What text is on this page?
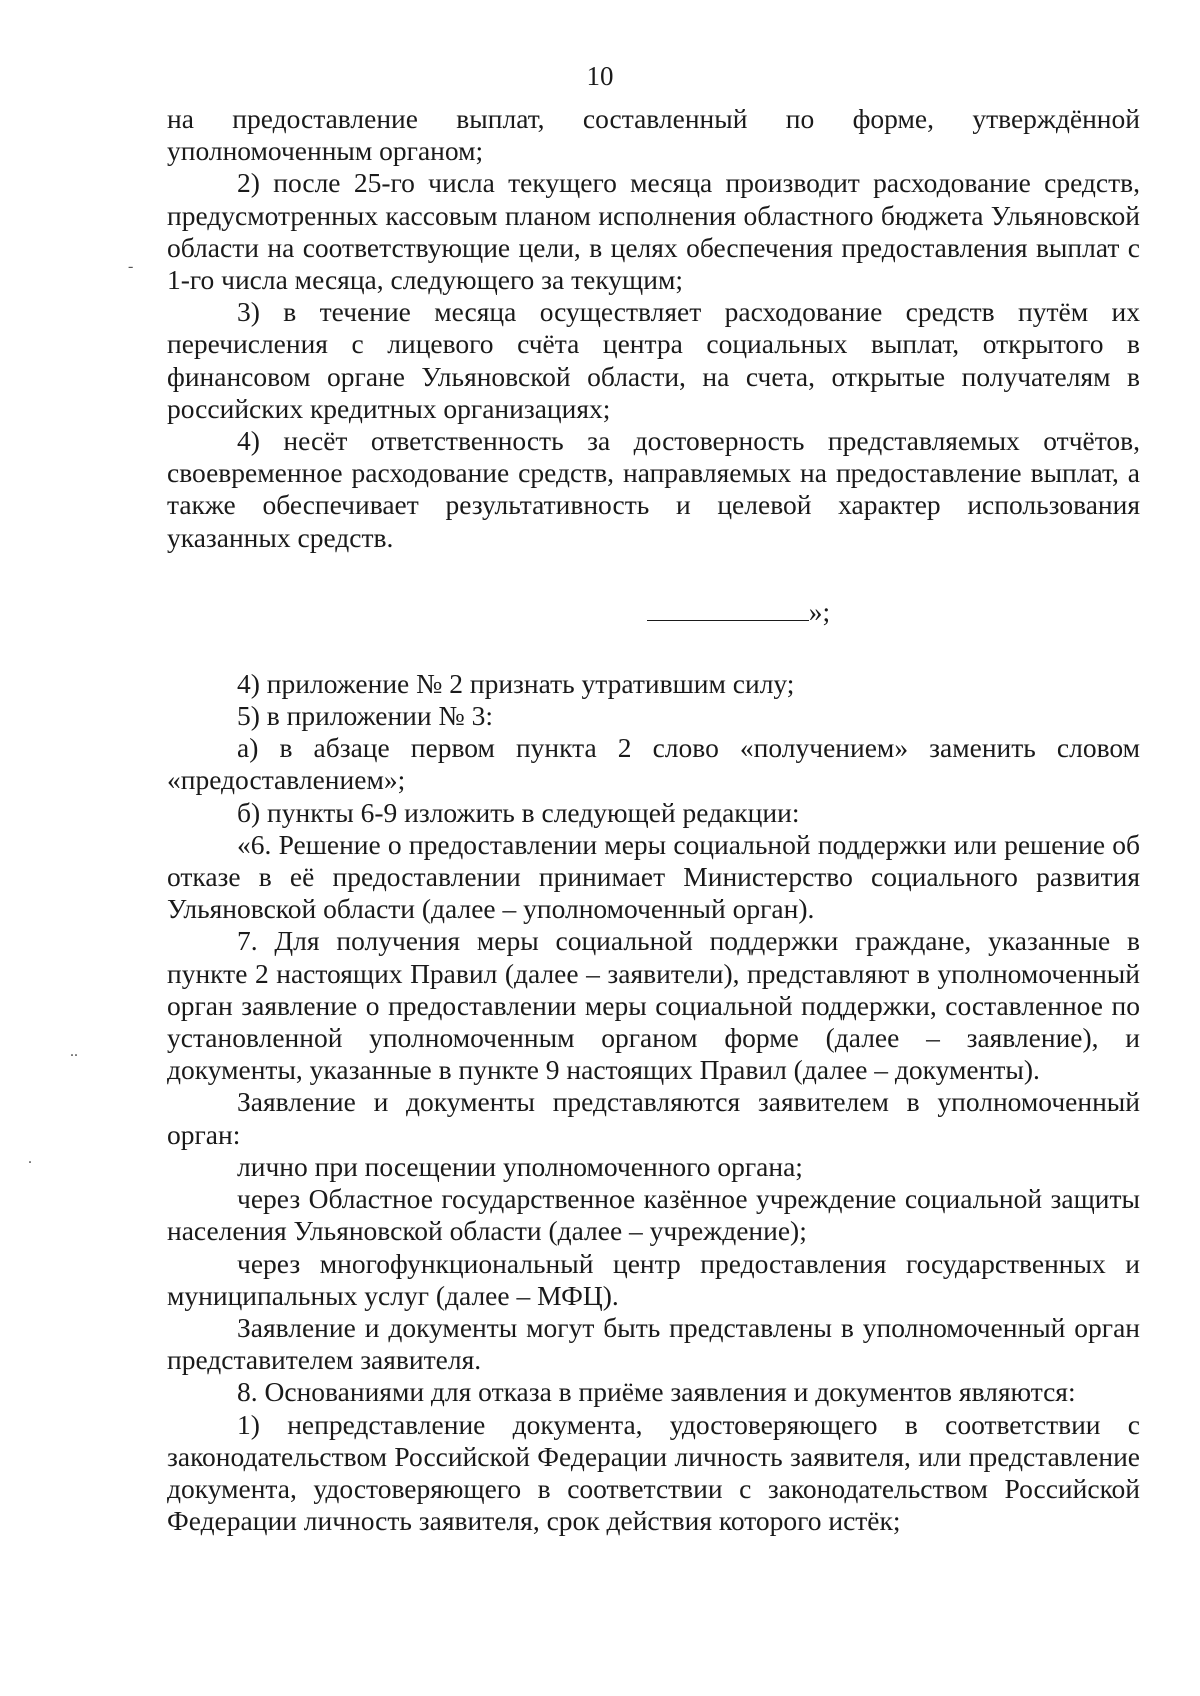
10
-
..
.

на предоставление выплат, составленный по форме, утверждённой уполномоченным органом;

2) после 25-го числа текущего месяца производит расходование средств, предусмотренных кассовым планом исполнения областного бюджета Ульяновской области на соответствующие цели, в целях обеспечения предоставления выплат с 1-го числа месяца, следующего за текущим;

3) в течение месяца осуществляет расходование средств путём их перечисления с лицевого счёта центра социальных выплат, открытого в финансовом органе Ульяновской области, на счета, открытые получателям в российских кредитных организациях;

4) несёт ответственность за достоверность представляемых отчётов, своевременное расходование средств, направляемых на предоставление выплат, а также обеспечивает результативность и целевой характер использования указанных средств.

»;

4) приложение № 2 признать утратившим силу;

5) в приложении № 3:

а) в абзаце первом пункта 2 слово «получением» заменить словом «предоставлением»;

б) пункты 6-9 изложить в следующей редакции:

«6. Решение о предоставлении меры социальной поддержки или решение об отказе в её предоставлении принимает Министерство социального развития Ульяновской области (далее – уполномоченный орган).

7. Для получения меры социальной поддержки граждане, указанные в пункте 2 настоящих Правил (далее – заявители), представляют в уполномоченный орган заявление о предоставлении меры социальной поддержки, составленное по установленной уполномоченным органом форме (далее – заявление), и документы, указанные в пункте 9 настоящих Правил (далее – документы).

Заявление и документы представляются заявителем в уполномоченный орган:

лично при посещении уполномоченного органа;

через Областное государственное казённое учреждение социальной защиты населения Ульяновской области (далее – учреждение);

через многофункциональный центр предоставления государственных и муниципальных услуг (далее – МФЦ).

Заявление и документы могут быть представлены в уполномоченный орган представителем заявителя.

8. Основаниями для отказа в приёме заявления и документов являются:

1) непредставление документа, удостоверяющего в соответствии с законодательством Российской Федерации личность заявителя, или представление документа, удостоверяющего в соответствии с законодательством Российской Федерации личность заявителя, срок действия которого истёк;
